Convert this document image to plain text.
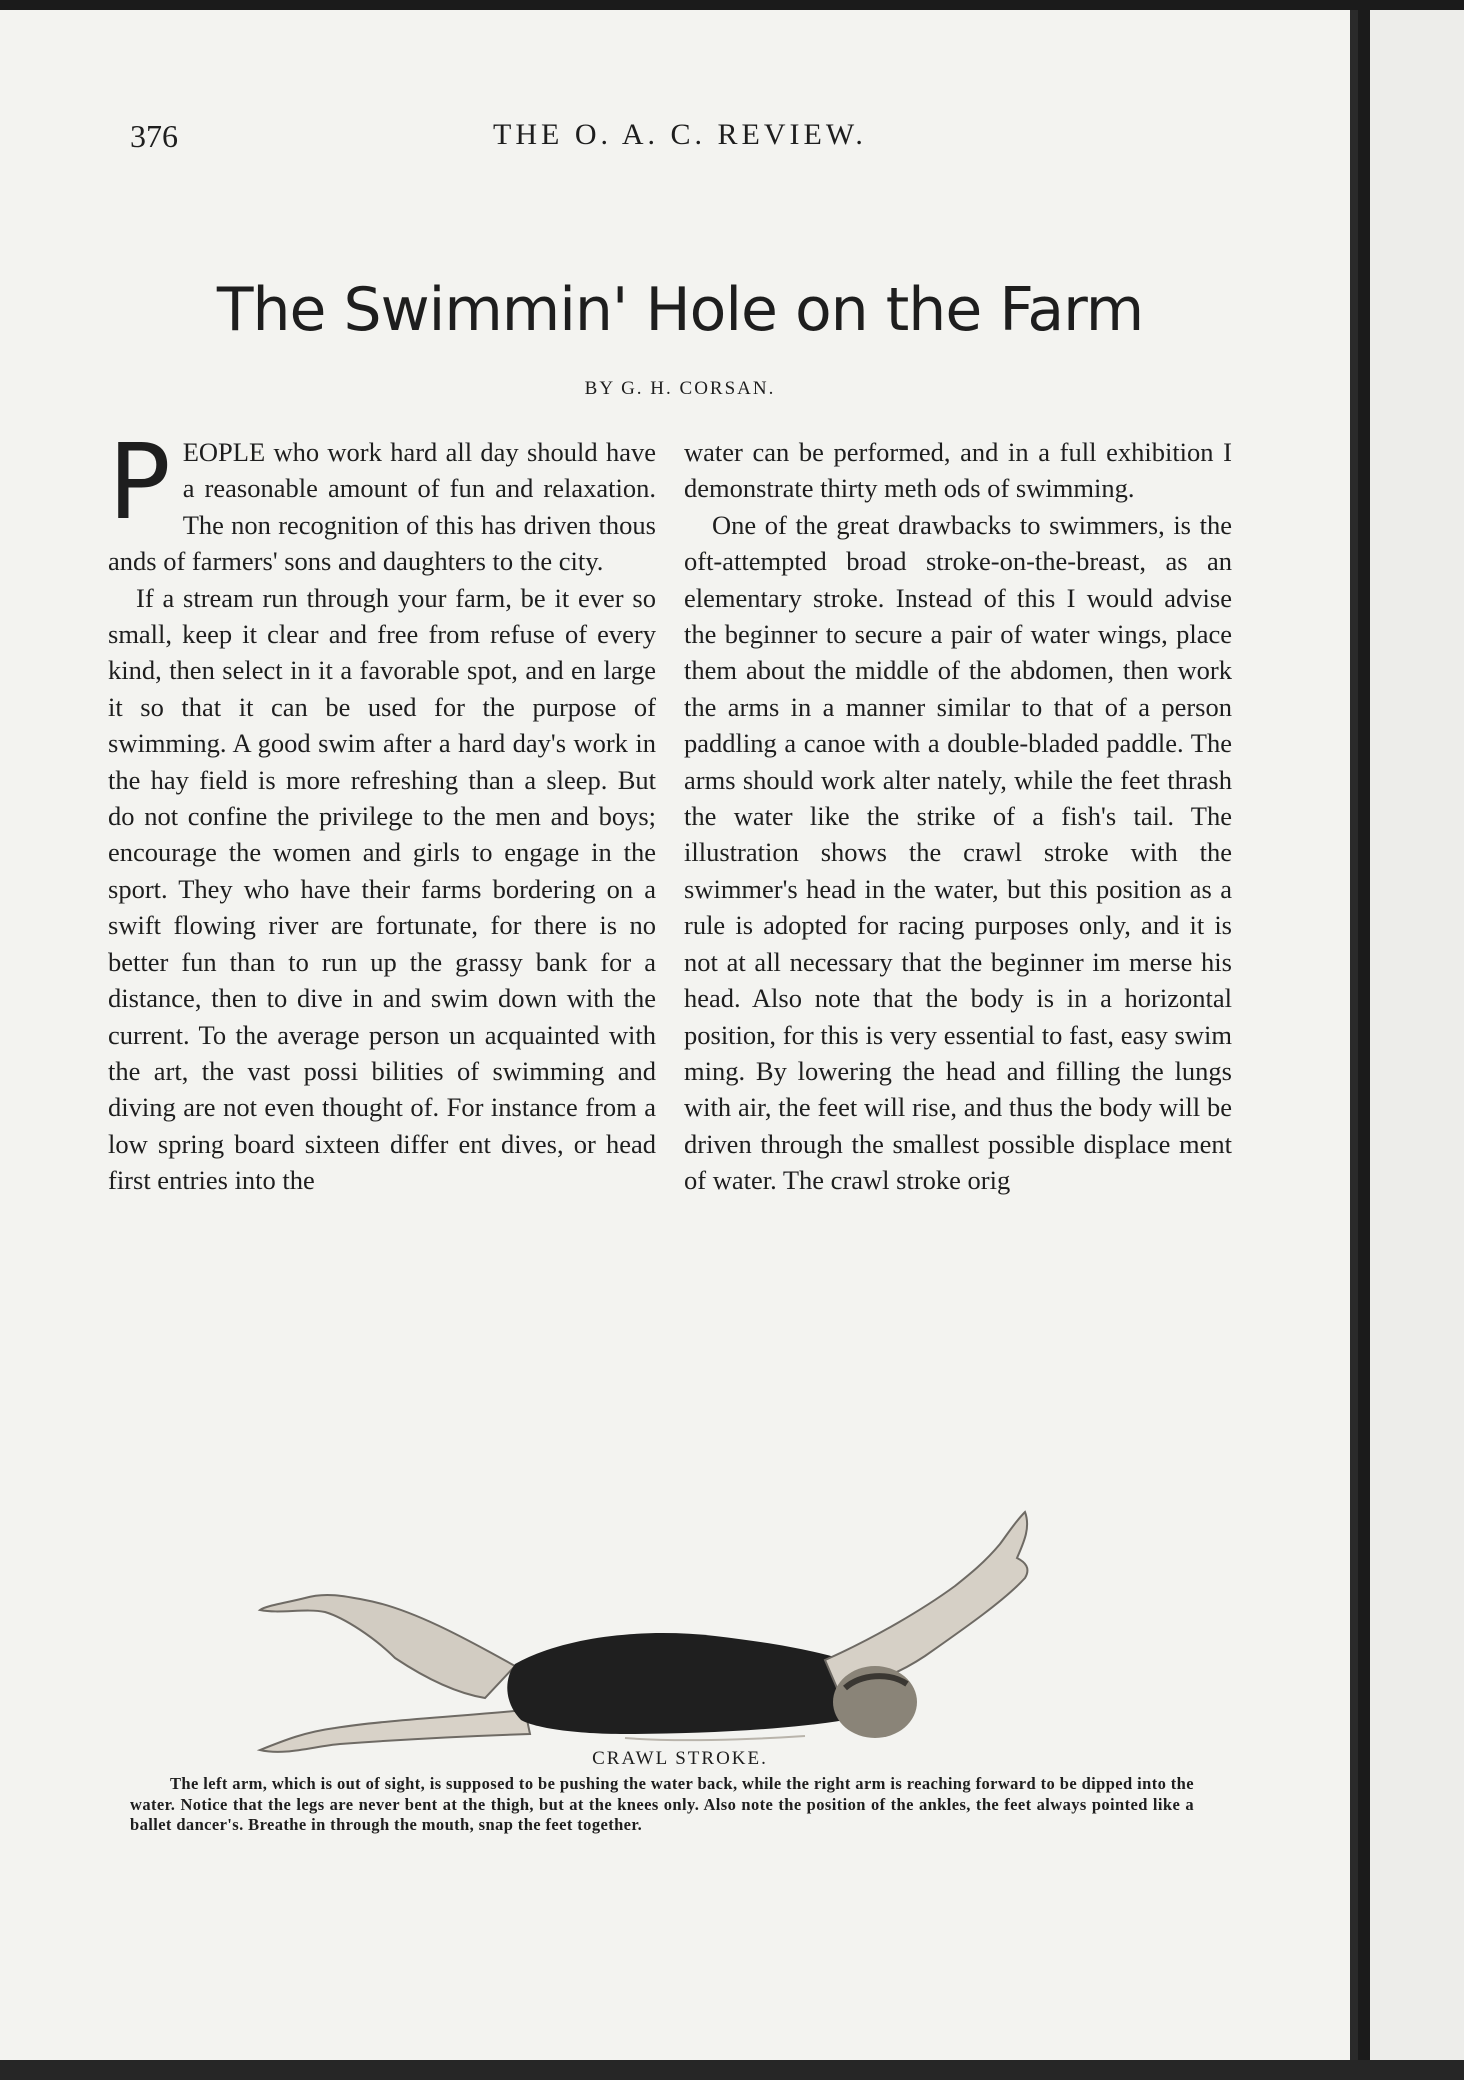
376	THE O. A. C. REVIEW.
The Swimmin' Hole on the Farm
BY G. H. CORSAN.

PEOPLE who work hard all day should have a reasonable amount of fun and relaxation. The non recognition of this has driven thous ands of farmers' sons and daughters to the city.

If a stream run through your farm, be it ever so small, keep it clear and free from refuse of every kind, then select in it a favorable spot, and en large it so that it can be used for the purpose of swimming. A good swim after a hard day's work in the hay field is more refreshing than a sleep. But do not confine the privilege to the men and boys; encourage the women and girls to engage in the sport. They who have their farms bordering on a swift flowing river are fortunate, for there is no better fun than to run up the grassy bank for a distance, then to dive in and swim down with the current. To the average person un acquainted with the art, the vast possi bilities of swimming and diving are not even thought of. For instance from a low spring board sixteen differ ent dives, or head first entries into the

water can be performed, and in a full exhibition I demonstrate thirty meth ods of swimming.

One of the great drawbacks to swimmers, is the oft-attempted broad stroke-on-the-breast, as an elementary stroke. Instead of this I would advise the beginner to secure a pair of water wings, place them about the middle of the abdomen, then work the arms in a manner similar to that of a person paddling a canoe with a double-bladed paddle. The arms should work alter nately, while the feet thrash the water like the strike of a fish's tail. The illustration shows the crawl stroke with the swimmer's head in the water, but this position as a rule is adopted for racing purposes only, and it is not at all necessary that the beginner im merse his head. Also note that the body is in a horizontal position, for this is very essential to fast, easy swim ming. By lowering the head and filling the lungs with air, the feet will rise, and thus the body will be driven through the smallest possible displace ment of water. The crawl stroke orig

CRAWL STROKE.
The left arm, which is out of sight, is supposed to be pushing the water back, while the right arm is reaching forward to be dipped into the water. Notice that the legs are never bent at the thigh, but at the knees only. Also note the position of the ankles, the feet always pointed like a ballet dancer's. Breathe in through the mouth, snap the feet together.
